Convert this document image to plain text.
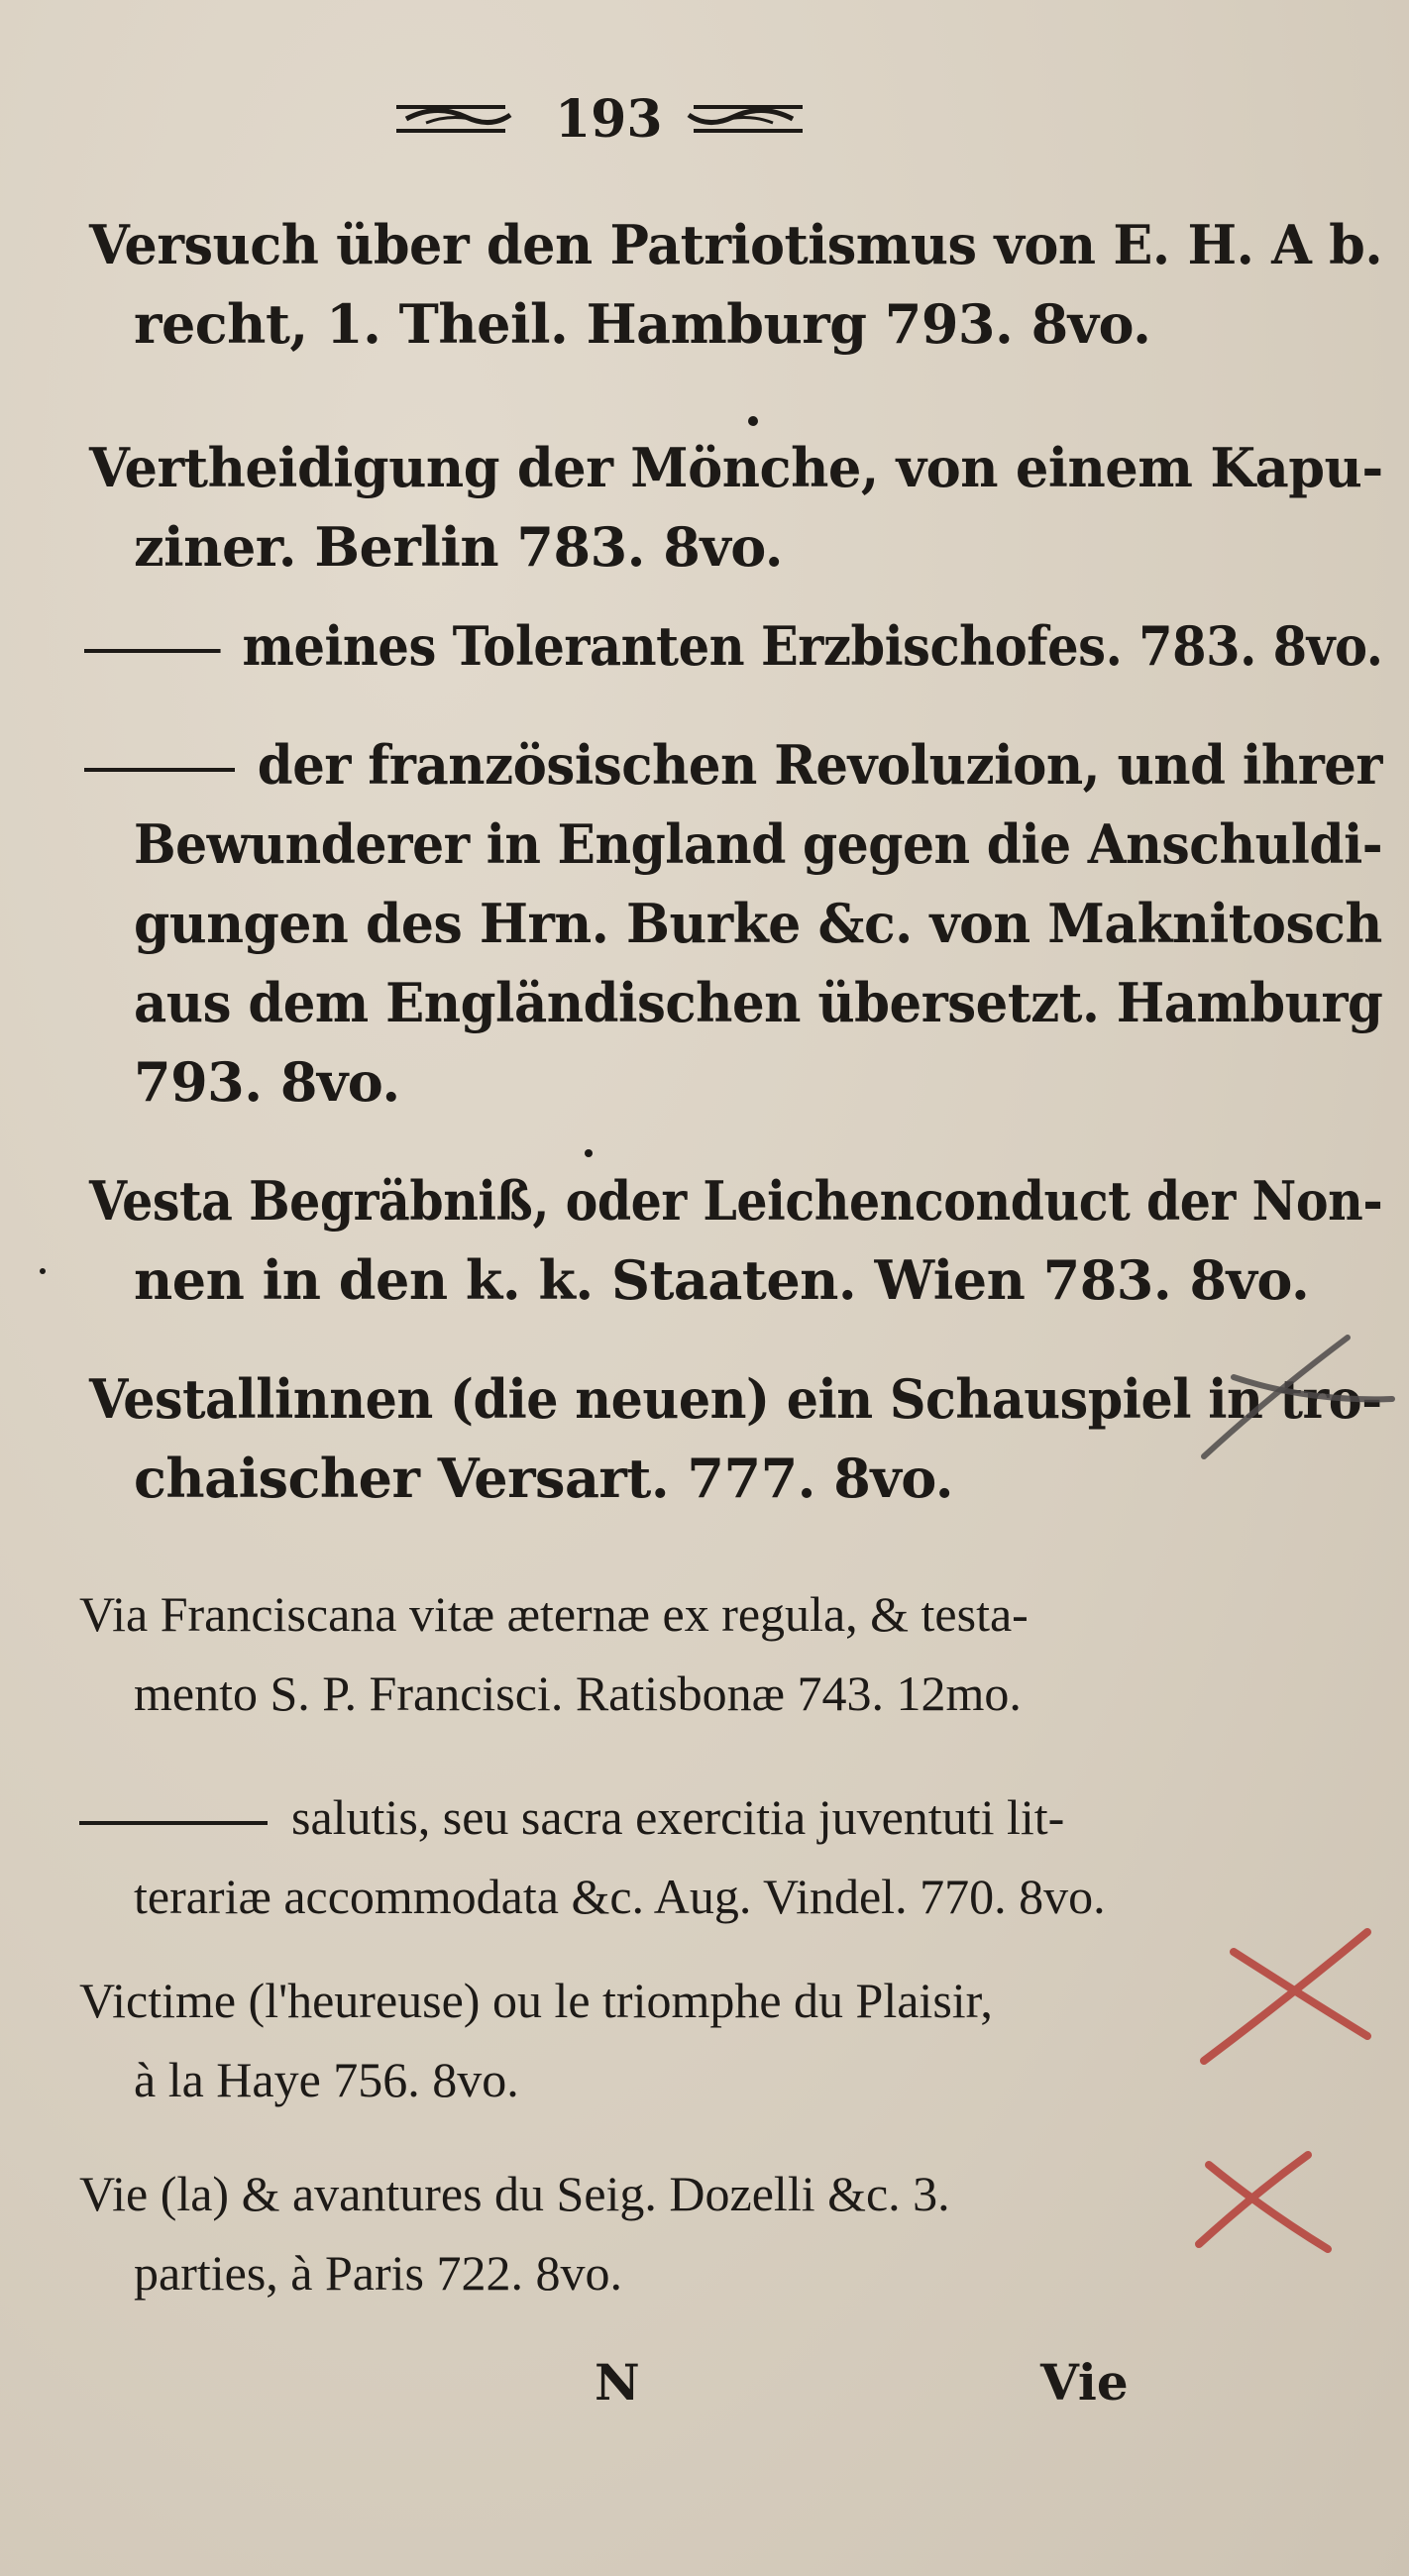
193
Versuch über den Patriotismus von E. H. A b.
recht, 1. Theil. Hamburg 793. 8vo.
Vertheidigung der Mönche, von einem Kapu-
ziner. Berlin 783. 8vo.
meines Toleranten Erzbischofes. 783. 8vo.
der französischen Revoluzion, und ihrer
Bewunderer in England gegen die Anschuldi-
gungen des Hrn. Burke &c. von Maknitosch
aus dem Engländischen übersetzt. Hamburg
793. 8vo.
Vesta Begräbniß, oder Leichenconduct der Non-
nen in den k. k. Staaten. Wien 783. 8vo.
Vestallinnen (die neuen) ein Schauspiel in tro-
chaischer Versart. 777. 8vo.
Via Franciscana vitæ æternæ ex regula, & testa-
mento S. P. Francisci. Ratisbonæ 743. 12mo.
salutis, seu sacra exercitia juventuti lit-
terariæ accommodata &c. Aug. Vindel. 770. 8vo.
Victime (l'heureuse) ou le triomphe du Plaisir,
à la Haye 756. 8vo.
Vie (la) & avantures du Seig. Dozelli &c. 3.
parties, à Paris 722. 8vo.
N	Vie
